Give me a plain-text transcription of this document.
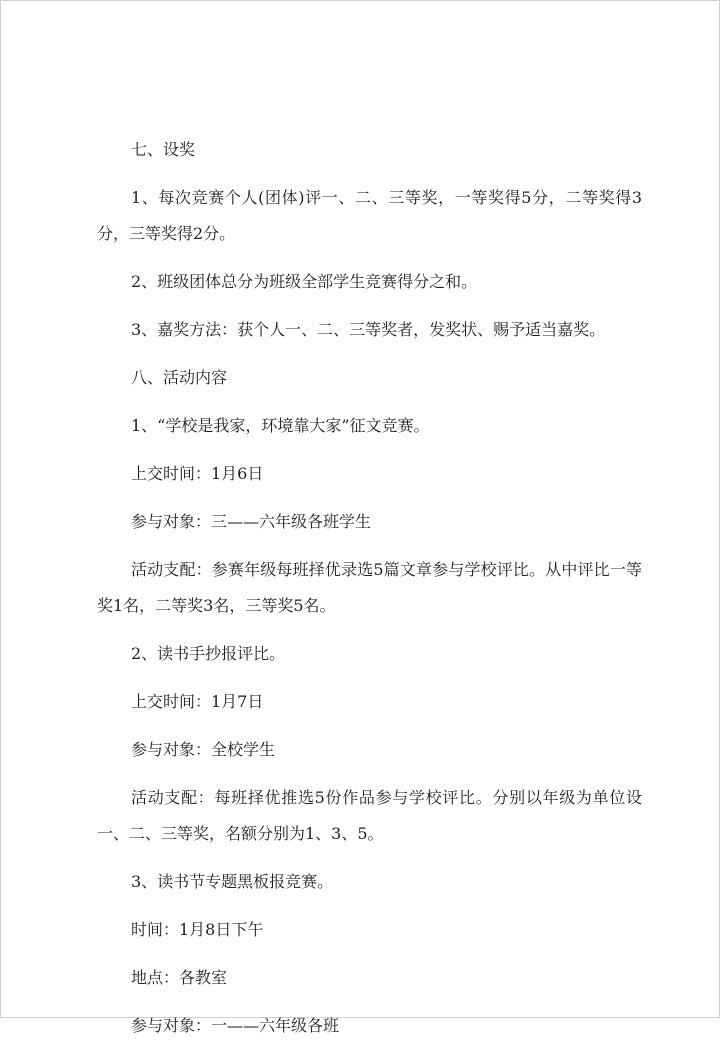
七、设奖

1、每次竞赛个人(团体)评一、二、三等奖，一等奖得5分，二等奖得3分，三等奖得2分。

2、班级团体总分为班级全部学生竞赛得分之和。

3、嘉奖方法：获个人一、二、三等奖者，发奖状、赐予适当嘉奖。

八、活动内容

1、“学校是我家，环境靠大家”征文竞赛。

上交时间：1月6日

参与对象：三——六年级各班学生

活动支配：参赛年级每班择优录选5篇文章参与学校评比。从中评比一等奖1名，二等奖3名，三等奖5名。

2、读书手抄报评比。

上交时间：1月7日

参与对象：全校学生

活动支配：每班择优推选5份作品参与学校评比。分别以年级为单位设一、二、三等奖，名额分别为1、3、5。

3、读书节专题黑板报竞赛。

时间：1月8日下午

地点：各教室

参与对象：一——六年级各班
